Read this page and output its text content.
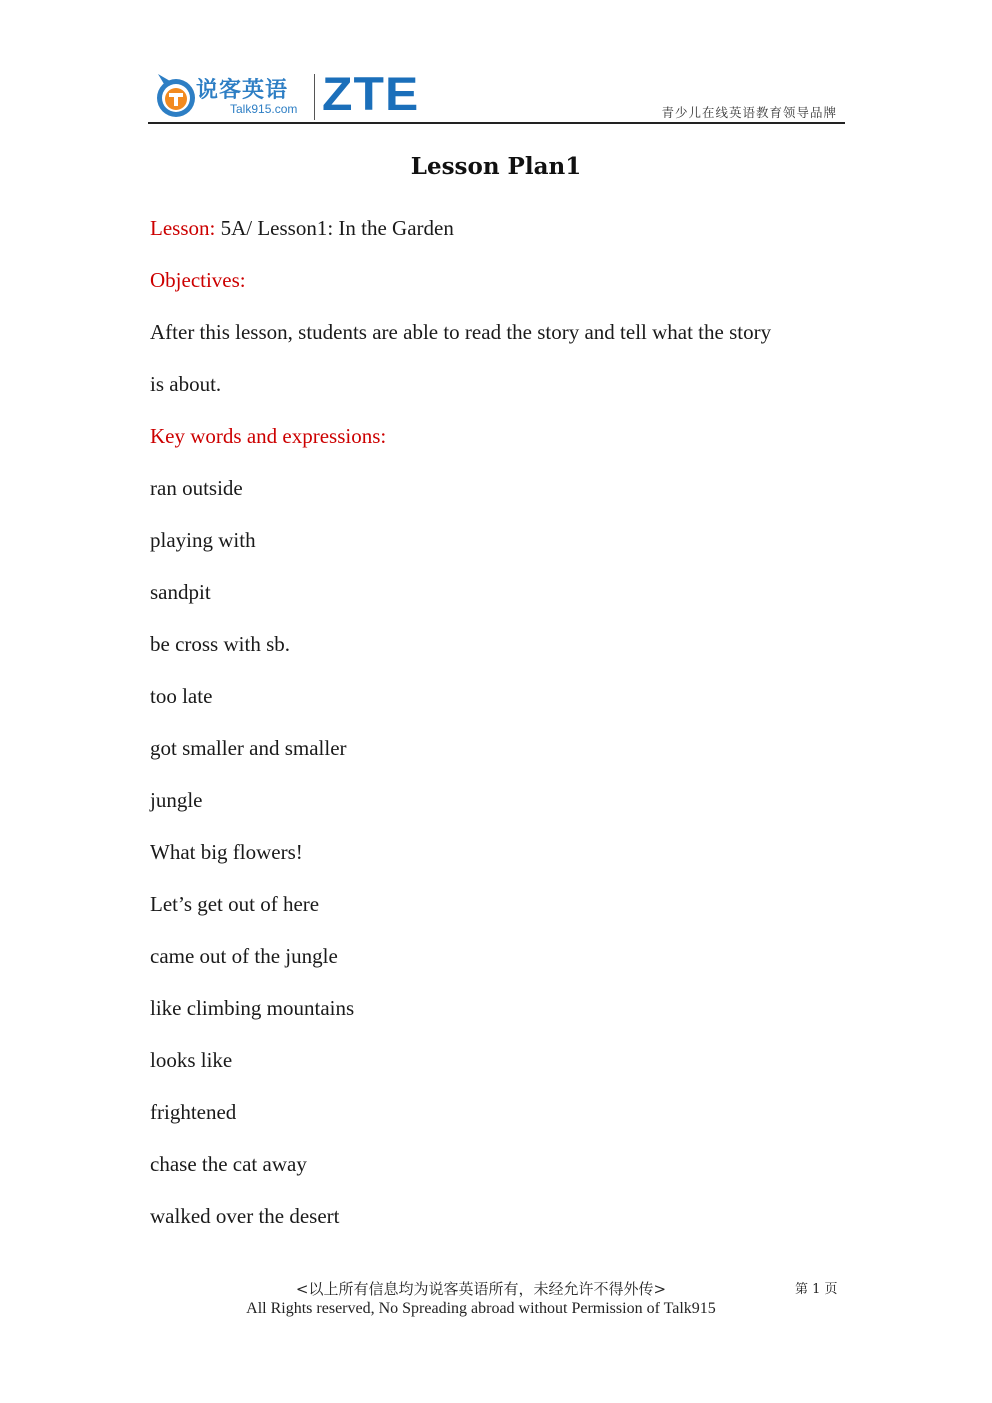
说客英语
Talk915.com ZTE	青少儿在线英语教育领导品牌
Lesson Plan1
Lesson: 5A/ Lesson1: In the Garden
Objectives:
After this lesson, students are able to read the story and tell what the story
is about.
Key words and expressions:
ran outside
playing with
sandpit
be cross with sb.
too late
got smaller and smaller
jungle
What big flowers!
Let’s get out of here
came out of the jungle
like climbing mountains
looks like
frightened
chase the cat away
walked over the desert
<以上所有信息均为说客英语所有，未经允许不得外传>
All Rights reserved, No Spreading abroad without Permission of Talk915
第 1 页
